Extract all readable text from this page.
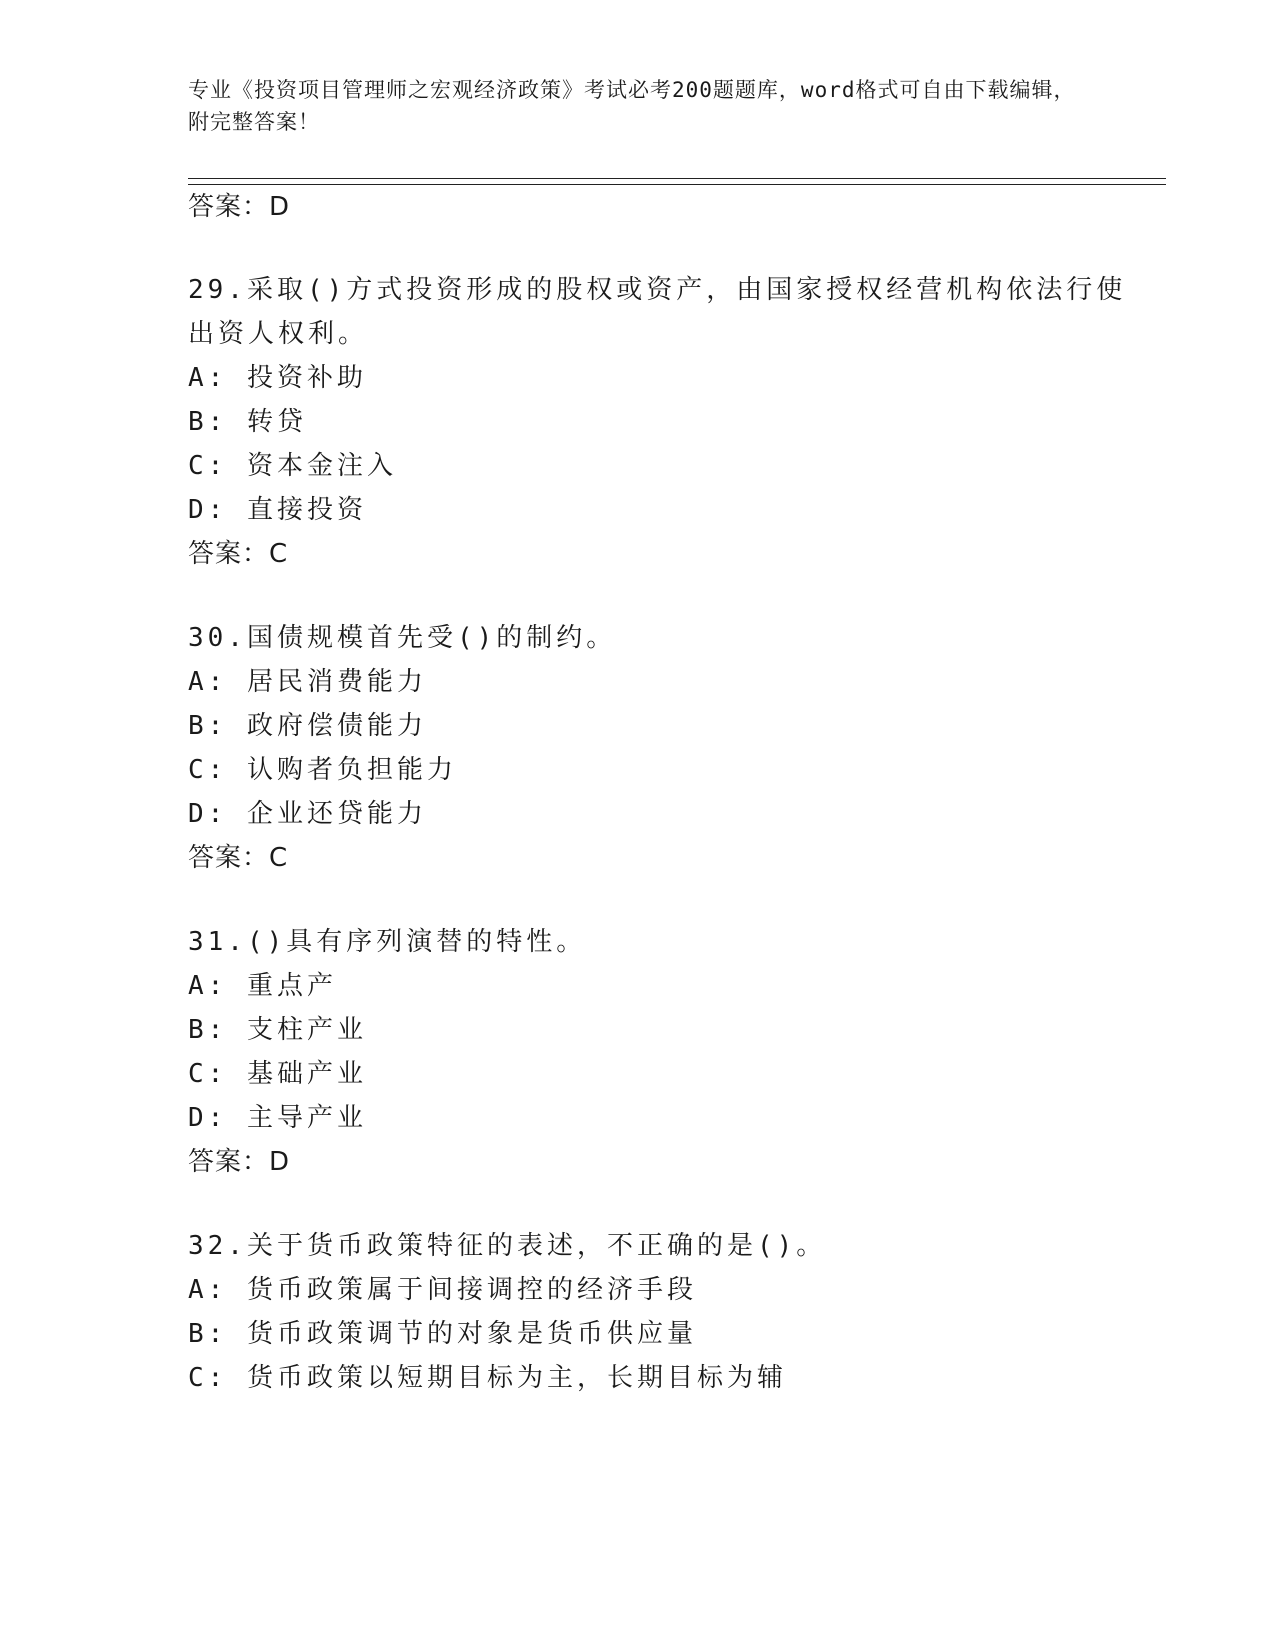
专业《投资项目管理师之宏观经济政策》考试必考200题题库，word格式可自由下载编辑，附完整答案！
答案：D
29.采取()方式投资形成的股权或资产，由国家授权经营机构依法行使
出资人权利。
A: 投资补助
B: 转贷
C: 资本金注入
D: 直接投资
答案：C
30.国债规模首先受()的制约。
A: 居民消费能力
B: 政府偿债能力
C: 认购者负担能力
D: 企业还贷能力
答案：C
31.()具有序列演替的特性。
A: 重点产
B: 支柱产业
C: 基础产业
D: 主导产业
答案：D
32.关于货币政策特征的表述，不正确的是()。
A: 货币政策属于间接调控的经济手段
B: 货币政策调节的对象是货币供应量
C: 货币政策以短期目标为主，长期目标为辅
